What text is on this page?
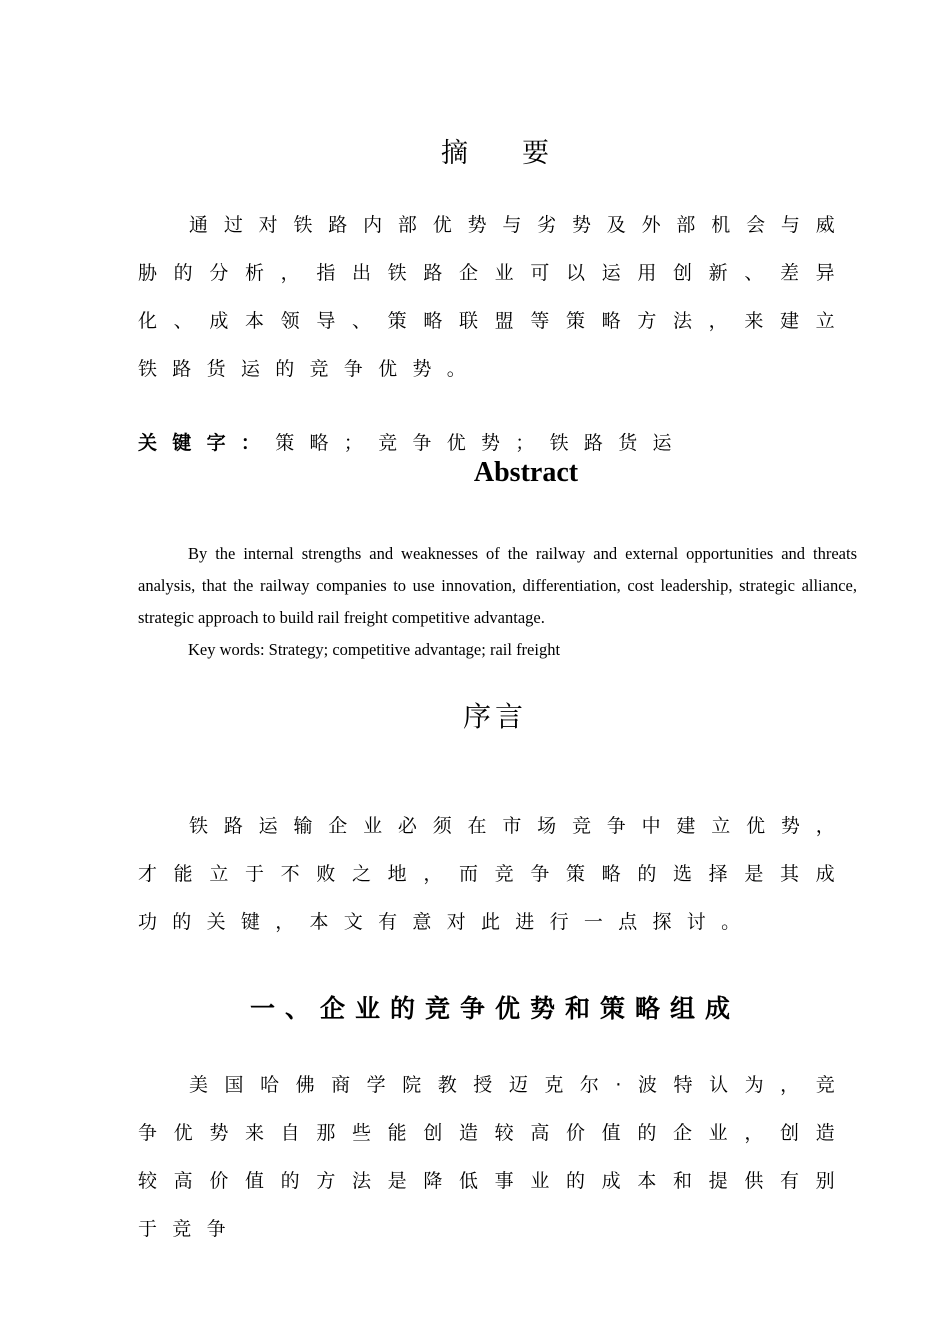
摘　　要

通过对铁路内部优势与劣势及外部机会与威胁的分析，指出铁路企业可以运用创新、差异化、成本领导、策略联盟等策略方法，来建立铁路货运的竞争优势。

关键字：策略；竞争优势；铁路货运
Abstract

By the internal strengths and weaknesses of the railway and external opportunities and threats analysis, that the railway companies to use innovation, differentiation, cost leadership, strategic alliance, strategic approach to build rail freight competitive advantage.

Key words: Strategy; competitive advantage; rail freight

序言

铁路运输企业必须在市场竞争中建立优势，才能立于不败之地，而竞争策略的选择是其成功的关键，本文有意对此进行一点探讨。

一、企业的竞争优势和策略组成

美国哈佛商学院教授迈克尔·波特认为，竞争优势来自那些能创造较高价值的企业，创造较高价值的方法是降低事业的成本和提供有别于竞争
